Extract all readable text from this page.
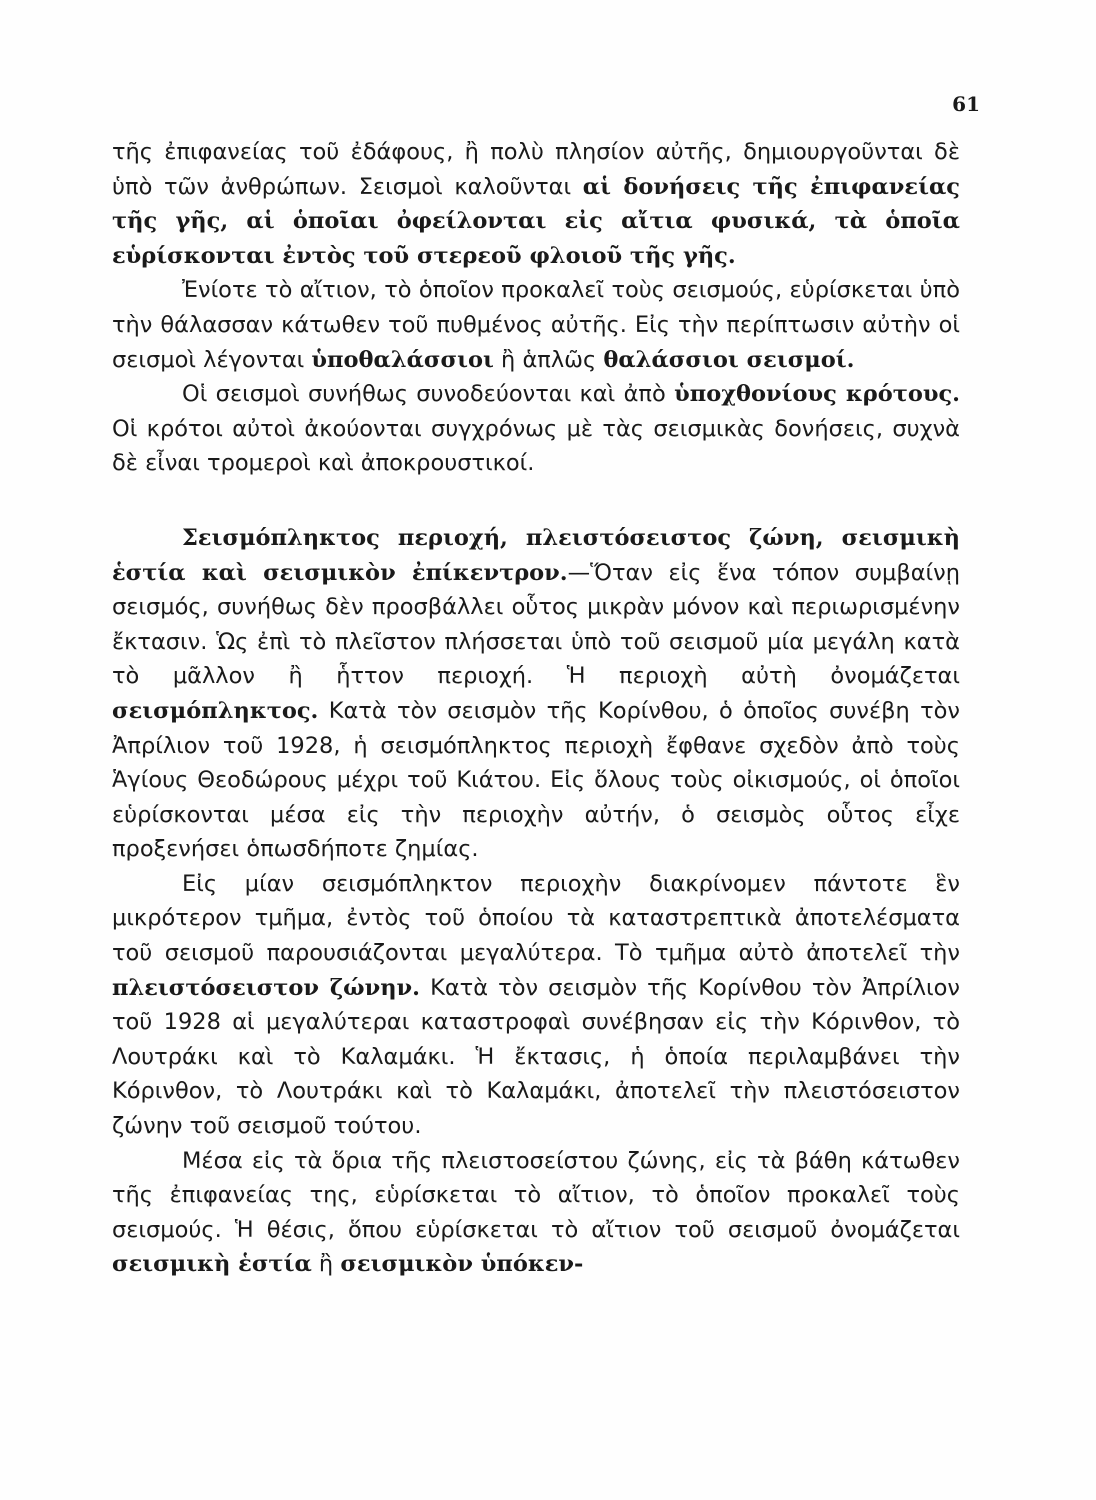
61

τῆς ἐπιφανείας τοῦ ἐδάφους, ἢ πολὺ πλησίον αὐτῆς, δημιουργοῦνται δὲ ὑπὸ τῶν ἀνθρώπων. Σεισμοὶ καλοῦνται αἱ δονήσεις τῆς ἐπιφανείας τῆς γῆς, αἱ ὁποῖαι ὀφείλονται εἰς αἴτια φυσικά, τὰ ὁποῖα εὑρίσκονται ἐντὸς τοῦ στερεοῦ φλοιοῦ τῆς γῆς.

Ἐνίοτε τὸ αἴτιον, τὸ ὁποῖον προκαλεῖ τοὺς σεισμούς, εὑρίσκεται ὑπὸ τὴν θάλασσαν κάτωθεν τοῦ πυθμένος αὐτῆς. Εἰς τὴν περίπτωσιν αὐτὴν οἱ σεισμοὶ λέγονται ὑποθαλάσσιοι ἢ ἁπλῶς θαλάσσιοι σεισμοί.

Οἱ σεισμοὶ συνήθως συνοδεύονται καὶ ἀπὸ ὑποχθονίους κρότους. Οἱ κρότοι αὐτοὶ ἀκούονται συγχρόνως μὲ τὰς σεισμικὰς δονήσεις, συχνὰ δὲ εἶναι τρομεροὶ καὶ ἀποκρουστικοί.

Σεισμόπληκτος περιοχή, πλειστόσειστος ζώνη, σεισμικὴ ἑστία καὶ σεισμικὸν ἐπίκεντρον.—Ὅταν εἰς ἕνα τόπον συμβαίνῃ σεισμός, συνήθως δὲν προσβάλλει οὗτος μικρὰν μόνον καὶ περιωρισμένην ἔκτασιν. Ὡς ἐπὶ τὸ πλεῖστον πλήσσεται ὑπὸ τοῦ σεισμοῦ μία μεγάλη κατὰ τὸ μᾶλλον ἢ ἧττον περιοχή. Ἡ περιοχὴ αὐτὴ ὀνομάζεται σεισμόπληκτος. Κατὰ τὸν σεισμὸν τῆς Κορίνθου, ὁ ὁποῖος συνέβη τὸν Ἀπρίλιον τοῦ 1928, ἡ σεισμόπληκτος περιοχὴ ἔφθανε σχεδὸν ἀπὸ τοὺς Ἁγίους Θεοδώρους μέχρι τοῦ Κιάτου. Εἰς ὅλους τοὺς οἰκισμούς, οἱ ὁποῖοι εὑρίσκονται μέσα εἰς τὴν περιοχὴν αὐτήν, ὁ σεισμὸς οὗτος εἶχε προξενήσει ὁπωσδήποτε ζημίας.

Εἰς μίαν σεισμόπληκτον περιοχὴν διακρίνομεν πάντοτε ἓν μικρότερον τμῆμα, ἐντὸς τοῦ ὁποίου τὰ καταστρεπτικὰ ἀποτελέσματα τοῦ σεισμοῦ παρουσιάζονται μεγαλύτερα. Τὸ τμῆμα αὐτὸ ἀποτελεῖ τὴν πλειστόσειστον ζώνην. Κατὰ τὸν σεισμὸν τῆς Κορίνθου τὸν Ἀπρίλιον τοῦ 1928 αἱ μεγαλύτεραι καταστροφαὶ συνέβησαν εἰς τὴν Κόρινθον, τὸ Λουτράκι καὶ τὸ Καλαμάκι. Ἡ ἔκτασις, ἡ ὁποία περιλαμβάνει τὴν Κόρινθον, τὸ Λουτράκι καὶ τὸ Καλαμάκι, ἀποτελεῖ τὴν πλειστόσειστον ζώνην τοῦ σεισμοῦ τούτου.

Μέσα εἰς τὰ ὅρια τῆς πλειστοσείστου ζώνης, εἰς τὰ βάθη κάτωθεν τῆς ἐπιφανείας της, εὑρίσκεται τὸ αἴτιον, τὸ ὁποῖον προκαλεῖ τοὺς σεισμούς. Ἡ θέσις, ὅπου εὑρίσκεται τὸ αἴτιον τοῦ σεισμοῦ ὀνομάζεται σεισμικὴ ἑστία ἢ σεισμικὸν ὑπόκεν-
